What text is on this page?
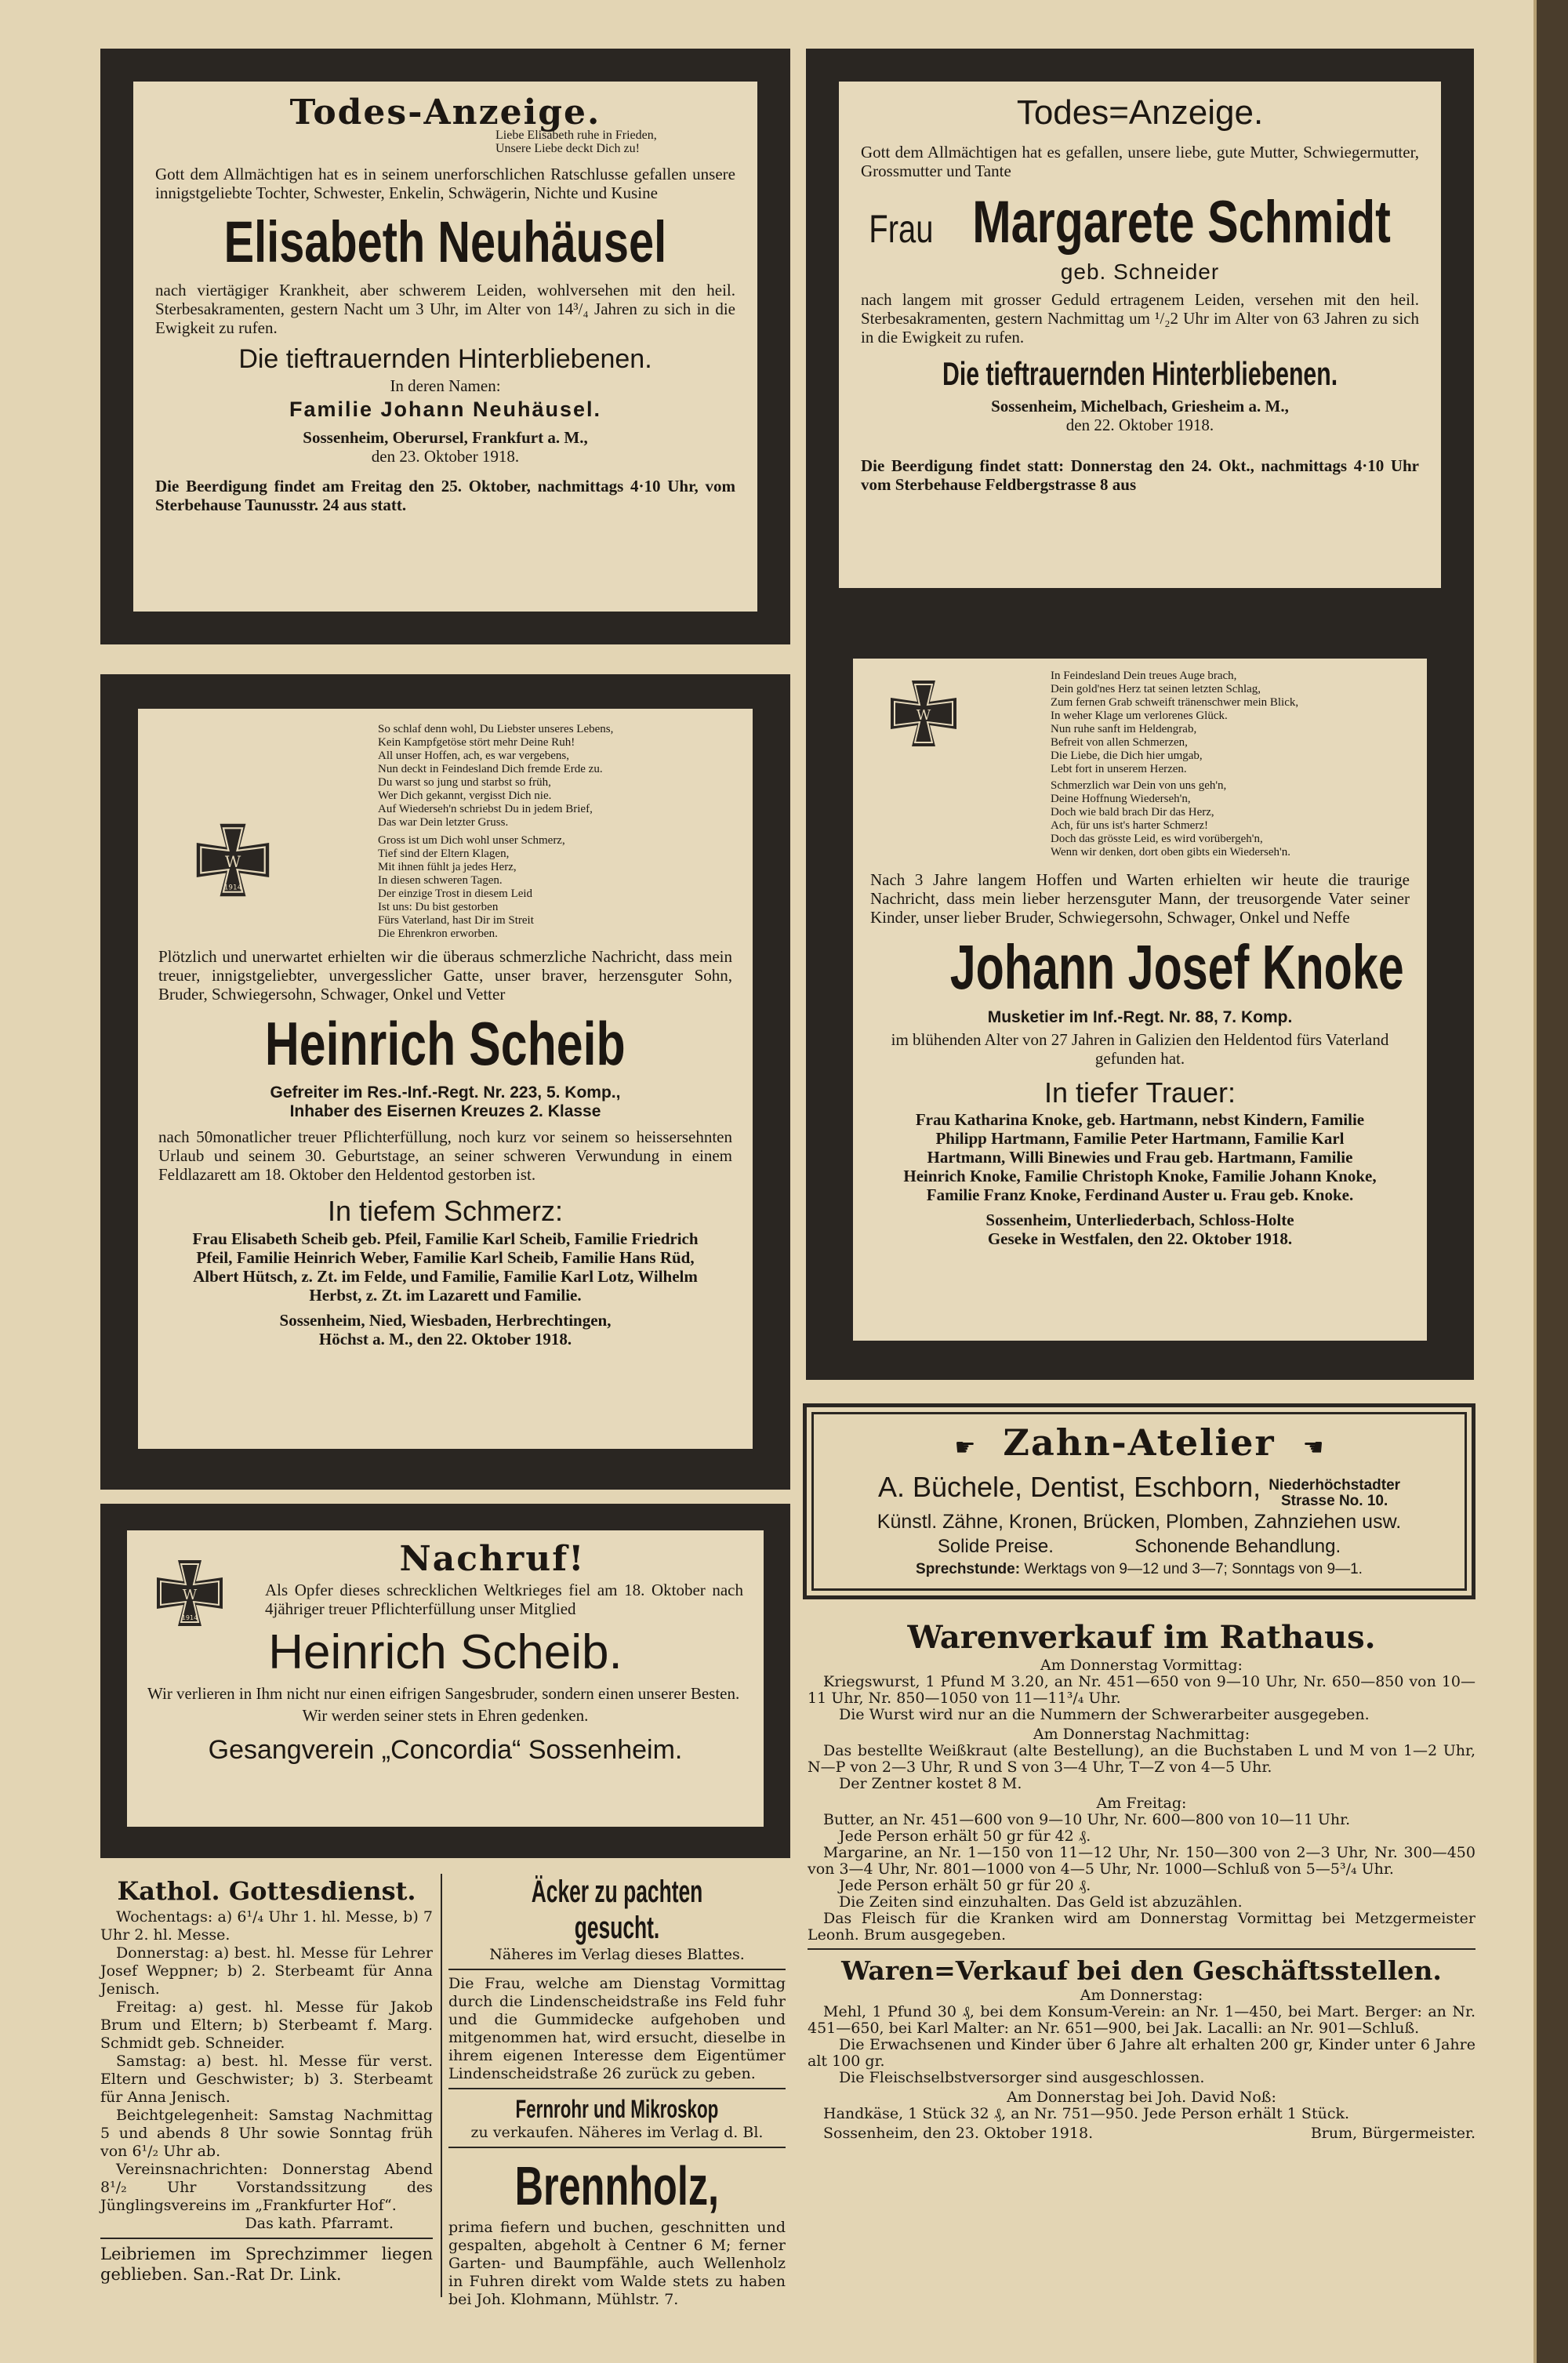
Todes-Anzeige.
Liebe Elisabeth ruhe in Frieden,
Unsere Liebe deckt Dich zu!
Gott dem Allmächtigen hat es in seinem unerforschlichen Ratschlusse gefallen unsere innigstgeliebte Tochter, Schwester, Enkelin, Schwägerin, Nichte und Kusine
Elisabeth Neuhäusel
nach viertägiger Krankheit, aber schwerem Leiden, wohlversehen mit den heil. Sterbesakramenten, gestern Nacht um 3 Uhr, im Alter von 14³/₄ Jahren zu sich in die Ewigkeit zu rufen.
Die tieftrauernden Hinterbliebenen.
In deren Namen:
Familie Johann Neuhäusel.
Sossenheim, Oberursel, Frankfurt a. M.,
den 23. Oktober 1918.
Die Beerdigung findet am Freitag den 25. Oktober, nachmittags 4·10 Uhr, vom Sterbehause Taunusstr. 24 aus statt.
Todes=Anzeige.
Gott dem Allmächtigen hat es gefallen, unsere liebe, gute Mutter, Schwiegermutter, Grossmutter und Tante
Frau Margarete Schmidt
geb. Schneider
nach langem mit grosser Geduld ertragenem Leiden, versehen mit den heil. Sterbesakramenten, gestern Nachmittag um ¹/₂2 Uhr im Alter von 63 Jahren zu sich in die Ewigkeit zu rufen.
Die tieftrauernden Hinterbliebenen.
Sossenheim, Michelbach, Griesheim a. M.,
den 22. Oktober 1918.
Die Beerdigung findet statt: Donnerstag den 24. Okt., nachmittags 4·10 Uhr vom Sterbehause Feldbergstrasse 8 aus
W
1914
So schlaf denn wohl, Du Liebster unseres Lebens,
Kein Kampfgetöse stört mehr Deine Ruh!
All unser Hoffen, ach, es war vergebens,
Nun deckt in Feindesland Dich fremde Erde zu.
Du warst so jung und starbst so früh,
Wer Dich gekannt, vergisst Dich nie.
Auf Wiederseh'n schriebst Du in jedem Brief,
Das war Dein letzter Gruss.
Gross ist um Dich wohl unser Schmerz,
Tief sind der Eltern Klagen,
Mit ihnen fühlt ja jedes Herz,
In diesen schweren Tagen.
Der einzige Trost in diesem Leid
Ist uns: Du bist gestorben
Fürs Vaterland, hast Dir im Streit
Die Ehrenkron erworben.
Plötzlich und unerwartet erhielten wir die überaus schmerzliche Nachricht, dass mein treuer, innigstgeliebter, unvergesslicher Gatte, unser braver, herzensguter Sohn, Bruder, Schwiegersohn, Schwager, Onkel und Vetter
Heinrich Scheib
Gefreiter im Res.-Inf.-Regt. Nr. 223, 5. Komp.,
Inhaber des Eisernen Kreuzes 2. Klasse
nach 50monatlicher treuer Pflichterfüllung, noch kurz vor seinem so heissersehnten Urlaub und seinem 30. Geburtstage, an seiner schweren Verwundung in einem Feldlazarett am 18. Oktober den Heldentod gestorben ist.
In tiefem Schmerz:
Frau Elisabeth Scheib geb. Pfeil, Familie Karl Scheib, Familie Friedrich Pfeil, Familie Heinrich Weber, Familie Karl Scheib, Familie Hans Rüd, Albert Hütsch, z. Zt. im Felde, und Familie, Familie Karl Lotz, Wilhelm Herbst, z. Zt. im Lazarett und Familie.
Sossenheim, Nied, Wiesbaden, Herbrechtingen,
Höchst a. M., den 22. Oktober 1918.
W
In Feindesland Dein treues Auge brach,
Dein gold'nes Herz tat seinen letzten Schlag,
Zum fernen Grab schweift tränenschwer mein Blick,
In weher Klage um verlorenes Glück.
Nun ruhe sanft im Heldengrab,
Befreit von allen Schmerzen,
Die Liebe, die Dich hier umgab,
Lebt fort in unserem Herzen.
Schmerzlich war Dein von uns geh'n,
Deine Hoffnung Wiederseh'n,
Doch wie bald brach Dir das Herz,
Ach, für uns ist's harter Schmerz!
Doch das grösste Leid, es wird vorübergeh'n,
Wenn wir denken, dort oben gibts ein Wiederseh'n.
Nach 3 Jahre langem Hoffen und Warten erhielten wir heute die traurige Nachricht, dass mein lieber herzensguter Mann, der treusorgende Vater seiner Kinder, unser lieber Bruder, Schwiegersohn, Schwager, Onkel und Neffe
Johann Josef Knoke
Musketier im Inf.-Regt. Nr. 88, 7. Komp.
im blühenden Alter von 27 Jahren in Galizien den Heldentod fürs Vaterland gefunden hat.
In tiefer Trauer:
Frau Katharina Knoke, geb. Hartmann, nebst Kindern, Familie Philipp Hartmann, Familie Peter Hartmann, Familie Karl Hartmann, Willi Binewies und Frau geb. Hartmann, Familie Heinrich Knoke, Familie Christoph Knoke, Familie Johann Knoke, Familie Franz Knoke, Ferdinand Auster u. Frau geb. Knoke.
Sossenheim, Unterliederbach, Schloss-Holte
Geseke in Westfalen, den 22. Oktober 1918.
W
1914
Nachruf!
Als Opfer dieses schrecklichen Weltkrieges fiel am 18. Oktober nach 4jähriger treuer Pflichterfüllung unser Mitglied
Heinrich Scheib.
Wir verlieren in Ihm nicht nur einen eifrigen Sangesbruder, sondern einen unserer Besten.
Wir werden seiner stets in Ehren gedenken.
Gesangverein „Concordia“ Sossenheim.
☛ Zahn-Atelier ☚
A. Büchele, Dentist, Eschborn, Niederhöchstadter
Strasse No. 10.
Künstl. Zähne, Kronen, Brücken, Plomben, Zahnziehen usw.
Solide Preise.	Schonende Behandlung.
Sprechstunde: Werktags von 9—12 und 3—7; Sonntags von 9—1.
Kathol. Gottesdienst.
Wochentags: a) 6¹/₄ Uhr 1. hl. Messe, b) 7 Uhr 2. hl. Messe.
Donnerstag: a) best. hl. Messe für Lehrer Josef Weppner; b) 2. Sterbeamt für Anna Jenisch.
Freitag: a) gest. hl. Messe für Jakob Brum und Eltern; b) Sterbeamt f. Marg. Schmidt geb. Schneider.
Samstag: a) best. hl. Messe für verst. Eltern und Geschwister; b) 3. Sterbeamt für Anna Jenisch.
Beichtgelegenheit: Samstag Nachmittag 5 und abends 8 Uhr sowie Sonntag früh von 6¹/₂ Uhr ab.
Vereinsnachrichten: Donnerstag Abend 8¹/₂ Uhr Vorstandssitzung des Jünglingsvereins im „Frankfurter Hof“.
Das kath. Pfarramt.
Leibriemen im Sprechzimmer liegen geblieben. San.-Rat Dr. Link.
Äcker zu pachten gesucht.
Näheres im Verlag dieses Blattes.
Die Frau, welche am Dienstag Vormittag durch die Lindenscheidstraße ins Feld fuhr und die Gummidecke aufgehoben und mitgenommen hat, wird ersucht, dieselbe in ihrem eigenen Interesse dem Eigentümer Lindenscheidstraße 26 zurück zu geben.
Fernrohr und Mikroskop
zu verkaufen. Näheres im Verlag d. Bl.
Brennholz,
prima fiefern und buchen, geschnitten und gespalten, abgeholt à Centner 6 M; ferner Garten- und Baumpfähle, auch Wellenholz in Fuhren direkt vom Walde stets zu haben bei Joh. Klohmann, Mühlstr. 7.
Warenverkauf im Rathaus.
Am Donnerstag Vormittag:
Kriegswurst, 1 Pfund M 3.20, an Nr. 451—650 von 9—10 Uhr, Nr. 650—850 von 10—11 Uhr, Nr. 850—1050 von 11—11³/₄ Uhr.
Die Wurst wird nur an die Nummern der Schwerarbeiter ausgegeben.
Am Donnerstag Nachmittag:
Das bestellte Weißkraut (alte Bestellung), an die Buchstaben L und M von 1—2 Uhr, N—P von 2—3 Uhr, R und S von 3—4 Uhr, T—Z von 4—5 Uhr.
Der Zentner kostet 8 M.
Am Freitag:
Butter, an Nr. 451—600 von 9—10 Uhr, Nr. 600—800 von 10—11 Uhr.
Jede Person erhält 50 gr für 42 ₰.
Margarine, an Nr. 1—150 von 11—12 Uhr, Nr. 150—300 von 2—3 Uhr, Nr. 300—450 von 3—4 Uhr, Nr. 801—1000 von 4—5 Uhr, Nr. 1000—Schluß von 5—5³/₄ Uhr.
Jede Person erhält 50 gr für 20 ₰.
Die Zeiten sind einzuhalten. Das Geld ist abzuzählen.
Das Fleisch für die Kranken wird am Donnerstag Vormittag bei Metzgermeister Leonh. Brum ausgegeben.
Waren=Verkauf bei den Geschäftsstellen.
Am Donnerstag:
Mehl, 1 Pfund 30 ₰, bei dem Konsum-Verein: an Nr. 1—450, bei Mart. Berger: an Nr. 451—650, bei Karl Malter: an Nr. 651—900, bei Jak. Lacalli: an Nr. 901—Schluß.
Die Erwachsenen und Kinder über 6 Jahre alt erhalten 200 gr, Kinder unter 6 Jahre alt 100 gr.
Die Fleischselbstversorger sind ausgeschlossen.
Am Donnerstag bei Joh. David Noß:
Handkäse, 1 Stück 32 ₰, an Nr. 751—950. Jede Person erhält 1 Stück.
Sossenheim, den 23. Oktober 1918.	Brum, Bürgermeister.
